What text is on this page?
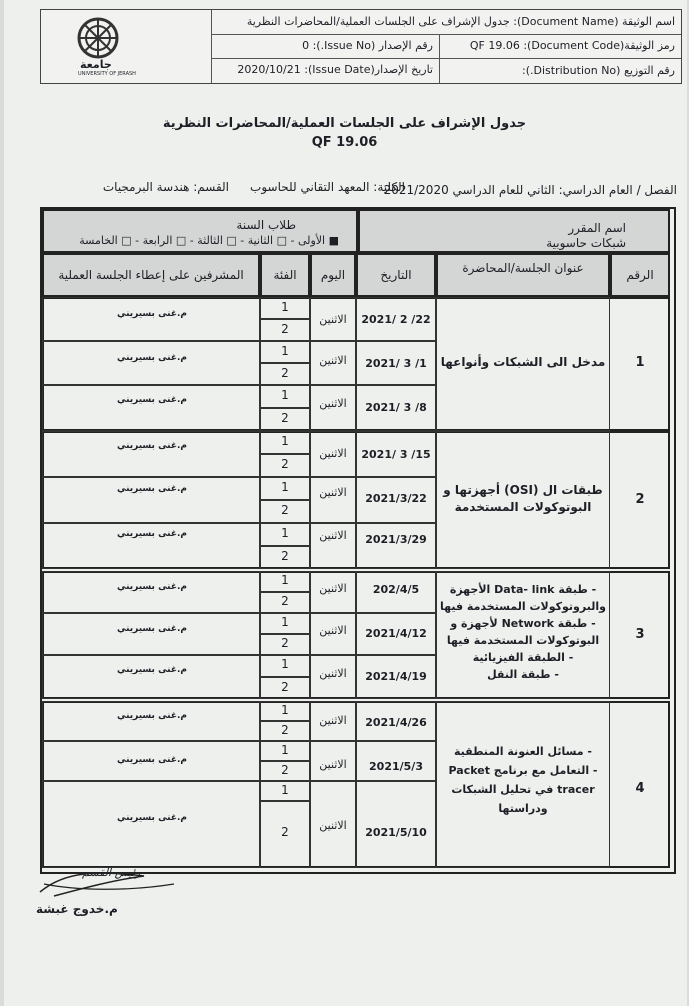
اسم الوثيقة (Document Name): جدول الإشراف على الجلسات العملية/المحاضرات النظرية
رمز الوثيقة(Document Code): QF 19.06
رقم الإصدار (Issue No.): 0
رقم التوزيع (Distribution No.):
تاريخ الإصدار(Issue Date): 2020/10/21
جامعة
UNIVERSITY OF JERASH
جدول الإشراف على الجلسات العملية/المحاضرات النظرية
QF 19.06
الفصل / العام الدراسي: الثاني للعام الدراسي 2021/2020
الكلية: المعهد التقاني للحاسوب
القسم: هندسة البرمجيات
اسم المقرر
شبكات حاسوبية
طلاب السنة
■ الأولى - □ الثانية - □ الثالثة - □ الرابعة - □ الخامسة
الرقم
عنوان الجلسة/المحاضرة
التاريخ
اليوم
الفئة
المشرفين على إعطاء الجلسة العملية
1
2
3
4
مدخل الى الشبكات وأنواعها
طبقات ال (OSI) أجهزتها و
البوتوكولات المستخدمة
- طبقة Data- link الأجهزة
والبروتوكولات المستخدمة فيها
- طبقة Network لأجهزة و
البوتوكولات المستخدمة فيها
- الطبقة الفيزيائية
- طبقة النقل
- مسائل العنونة المنطقية
- التعامل مع برنامج Packet
tracer في تحليل الشبكات
ودراستها
2021/ 2 /22
2021/ 3 /1
2021/ 3 /8
2021/ 3 /15
2021/3/22
2021/3/29
202/4/5
2021/4/12
2021/4/19
2021/4/26
2021/5/3
2021/5/10
الاثنين
الاثنين
الاثنين
الاثنين
الاثنين
الاثنين
الاثنين
الاثنين
الاثنين
الاثنين
الاثنين
الاثنين
1
2
1
2
1
2
1
2
1
2
1
2
1
2
1
2
1
2
1
2
1
2
1
2
م.غنى بسيريني
م.غنى بسيريني
م.غنى بسيريني
م.غنى بسيريني
م.غنى بسيريني
م.غنى بسيريني
م.غنى بسيريني
م.غنى بسيريني
م.غنى بسيريني
م.غنى بسيريني
م.غنى بسيريني
م.غنى بسيريني
رئيس القسم
م.خدوج غبشة
